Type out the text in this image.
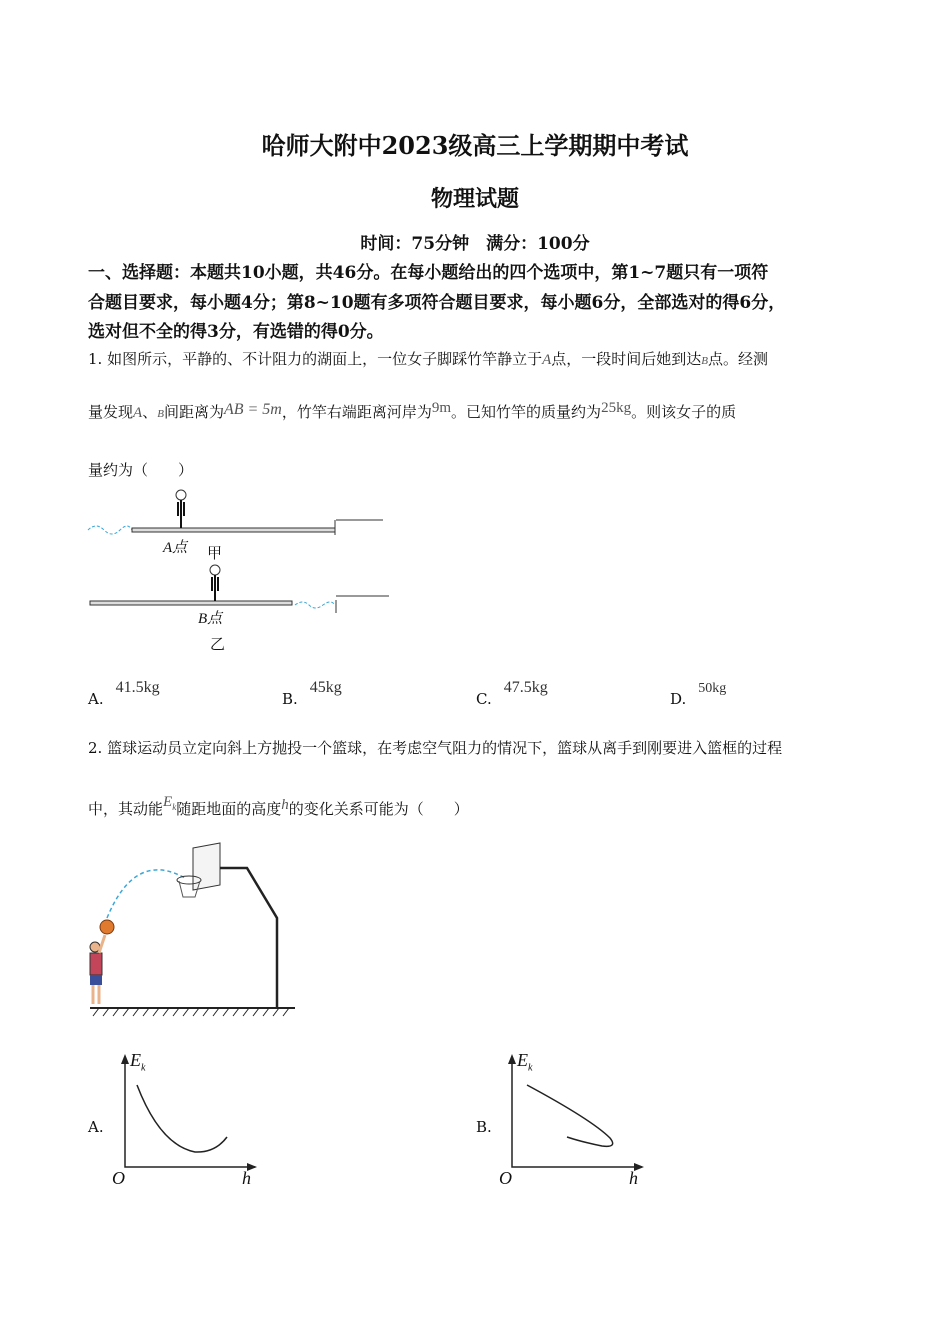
哈师大附中2023级高三上学期期中考试
物理试题
时间：75分钟　满分：100分
一、选择题：本题共10小题，共46分。在每小题给出的四个选项中，第1~7题只有一项符
合题目要求，每小题4分；第8~10题有多项符合题目要求，每小题6分，全部选对的得6分，
选对但不全的得3分，有选错的得0分。
1. 如图所示，平静的、不计阻力的湖面上，一位女子脚踩竹竿静立于A点，一段时间后她到达B点。经测
量发现A、B间距离为AB = 5m，竹竿右端距离河岸为9m。已知竹竿的质量约为25kg。则该女子的质
量约为（　　）
A点 甲
B点
乙
A.41.5kg
B.45kg
C.47.5kg
D.50kg
2. 篮球运动员立定向斜上方抛投一个篮球，在考虑空气阻力的情况下，篮球从离手到刚要进入篮框的过程
中，其动能$E_k$随距地面的高度h的变化关系可能为（　　）
A.
$E_k$
O	h
B.
$E_k$
O	h
